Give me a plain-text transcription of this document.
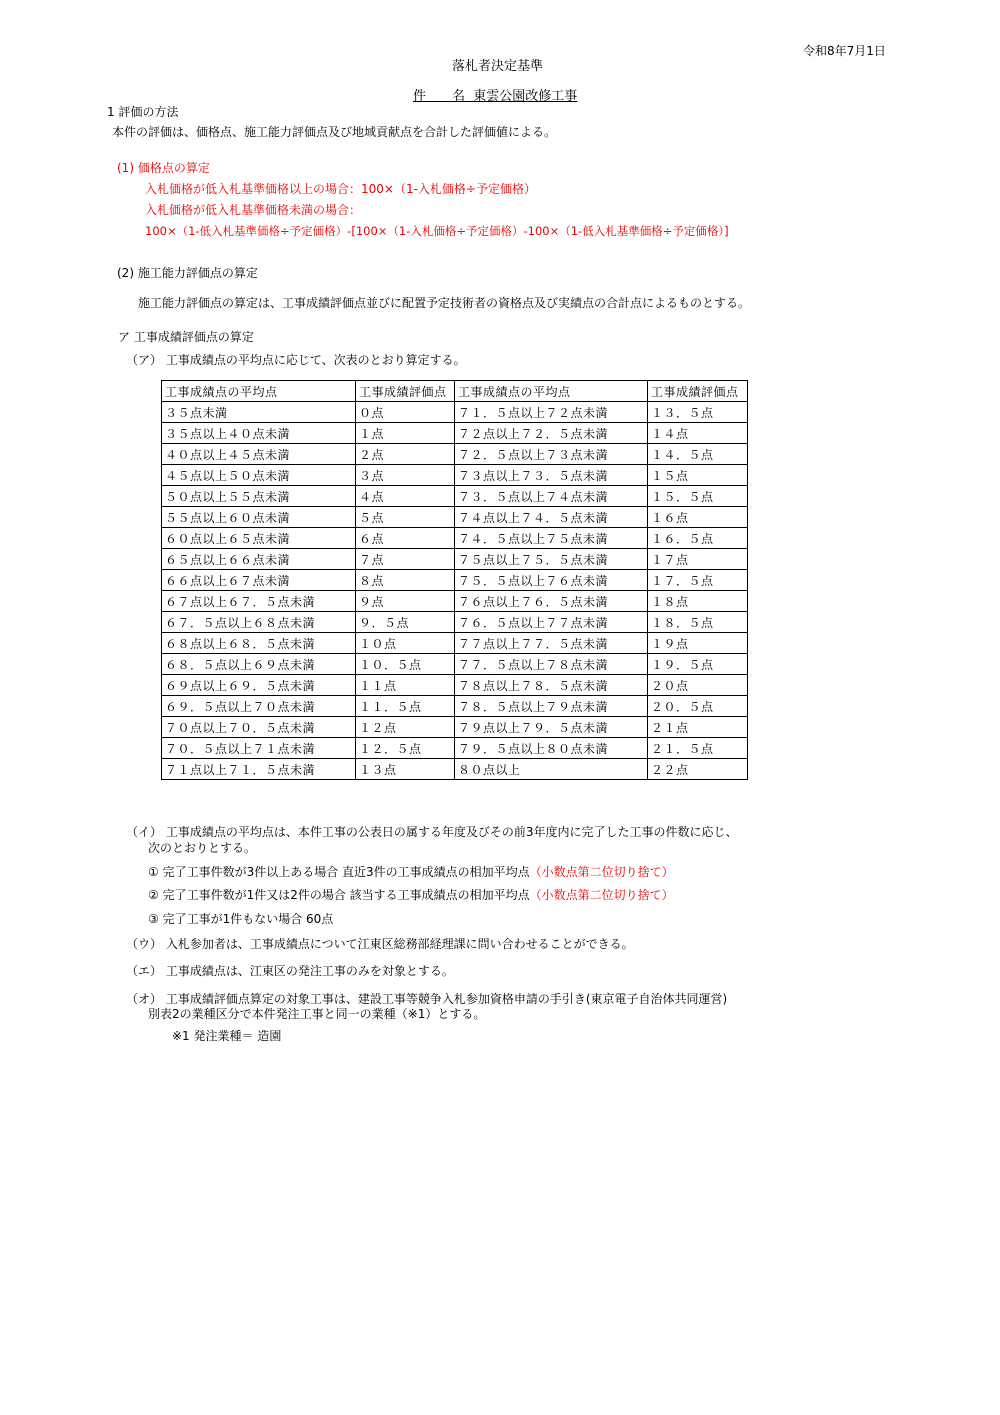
令和8年7月1日
落札者決定基準
件　　名 東雲公園改修工事
1 評価の方法
本件の評価は、価格点、施工能力評価点及び地域貢献点を合計した評価値による。
(1) 価格点の算定
入札価格が低入札基準価格以上の場合：100×（1-入札価格÷予定価格）
入札価格が低入札基準価格未満の場合：
100×（1-低入札基準価格÷予定価格）-[100×（1-入札価格÷予定価格）-100×（1-低入札基準価格÷予定価格）]
(2) 施工能力評価点の算定
施工能力評価点の算定は、工事成績評価点並びに配置予定技術者の資格点及び実績点の合計点によるものとする。
ア 工事成績評価点の算定
（ア） 工事成績点の平均点に応じて、次表のとおり算定する。
工事成績点の平均点	工事成績評価点	工事成績点の平均点	工事成績評価点
３５点未満	０点	７１．５点以上７２点未満	１３．５点
３５点以上４０点未満	１点	７２点以上７２．５点未満	１４点
４０点以上４５点未満	２点	７２．５点以上７３点未満	１４．５点
４５点以上５０点未満	３点	７３点以上７３．５点未満	１５点
５０点以上５５点未満	４点	７３．５点以上７４点未満	１５．５点
５５点以上６０点未満	５点	７４点以上７４．５点未満	１６点
６０点以上６５点未満	６点	７４．５点以上７５点未満	１６．５点
６５点以上６６点未満	７点	７５点以上７５．５点未満	１７点
６６点以上６７点未満	８点	７５．５点以上７６点未満	１７．５点
６７点以上６７．５点未満	９点	７６点以上７６．５点未満	１８点
６７．５点以上６８点未満	９．５点	７６．５点以上７７点未満	１８．５点
６８点以上６８．５点未満	１０点	７７点以上７７．５点未満	１９点
６８．５点以上６９点未満	１０．５点	７７．５点以上７８点未満	１９．５点
６９点以上６９．５点未満	１１点	７８点以上７８．５点未満	２０点
６９．５点以上７０点未満	１１．５点	７８．５点以上７９点未満	２０．５点
７０点以上７０．５点未満	１２点	７９点以上７９．５点未満	２１点
７０．５点以上７１点未満	１２．５点	７９．５点以上８０点未満	２１．５点
７１点以上７１．５点未満	１３点	８０点以上	２２点
（イ） 工事成績点の平均点は、本件工事の公表日の属する年度及びその前3年度内に完了した工事の件数に応じ、
次のとおりとする。
① 完了工事件数が3件以上ある場合 直近3件の工事成績点の相加平均点（小数点第二位切り捨て）
② 完了工事件数が1件又は2件の場合 該当する工事成績点の相加平均点（小数点第二位切り捨て）
③ 完了工事が1件もない場合 60点
（ウ） 入札参加者は、工事成績点について江東区総務部経理課に問い合わせることができる。
（エ） 工事成績点は、江東区の発注工事のみを対象とする。
（オ） 工事成績評価点算定の対象工事は、建設工事等競争入札参加資格申請の手引き(東京電子自治体共同運営)
別表2の業種区分で本件発注工事と同一の業種（※1）とする。
※1 発注業種＝ 造園
